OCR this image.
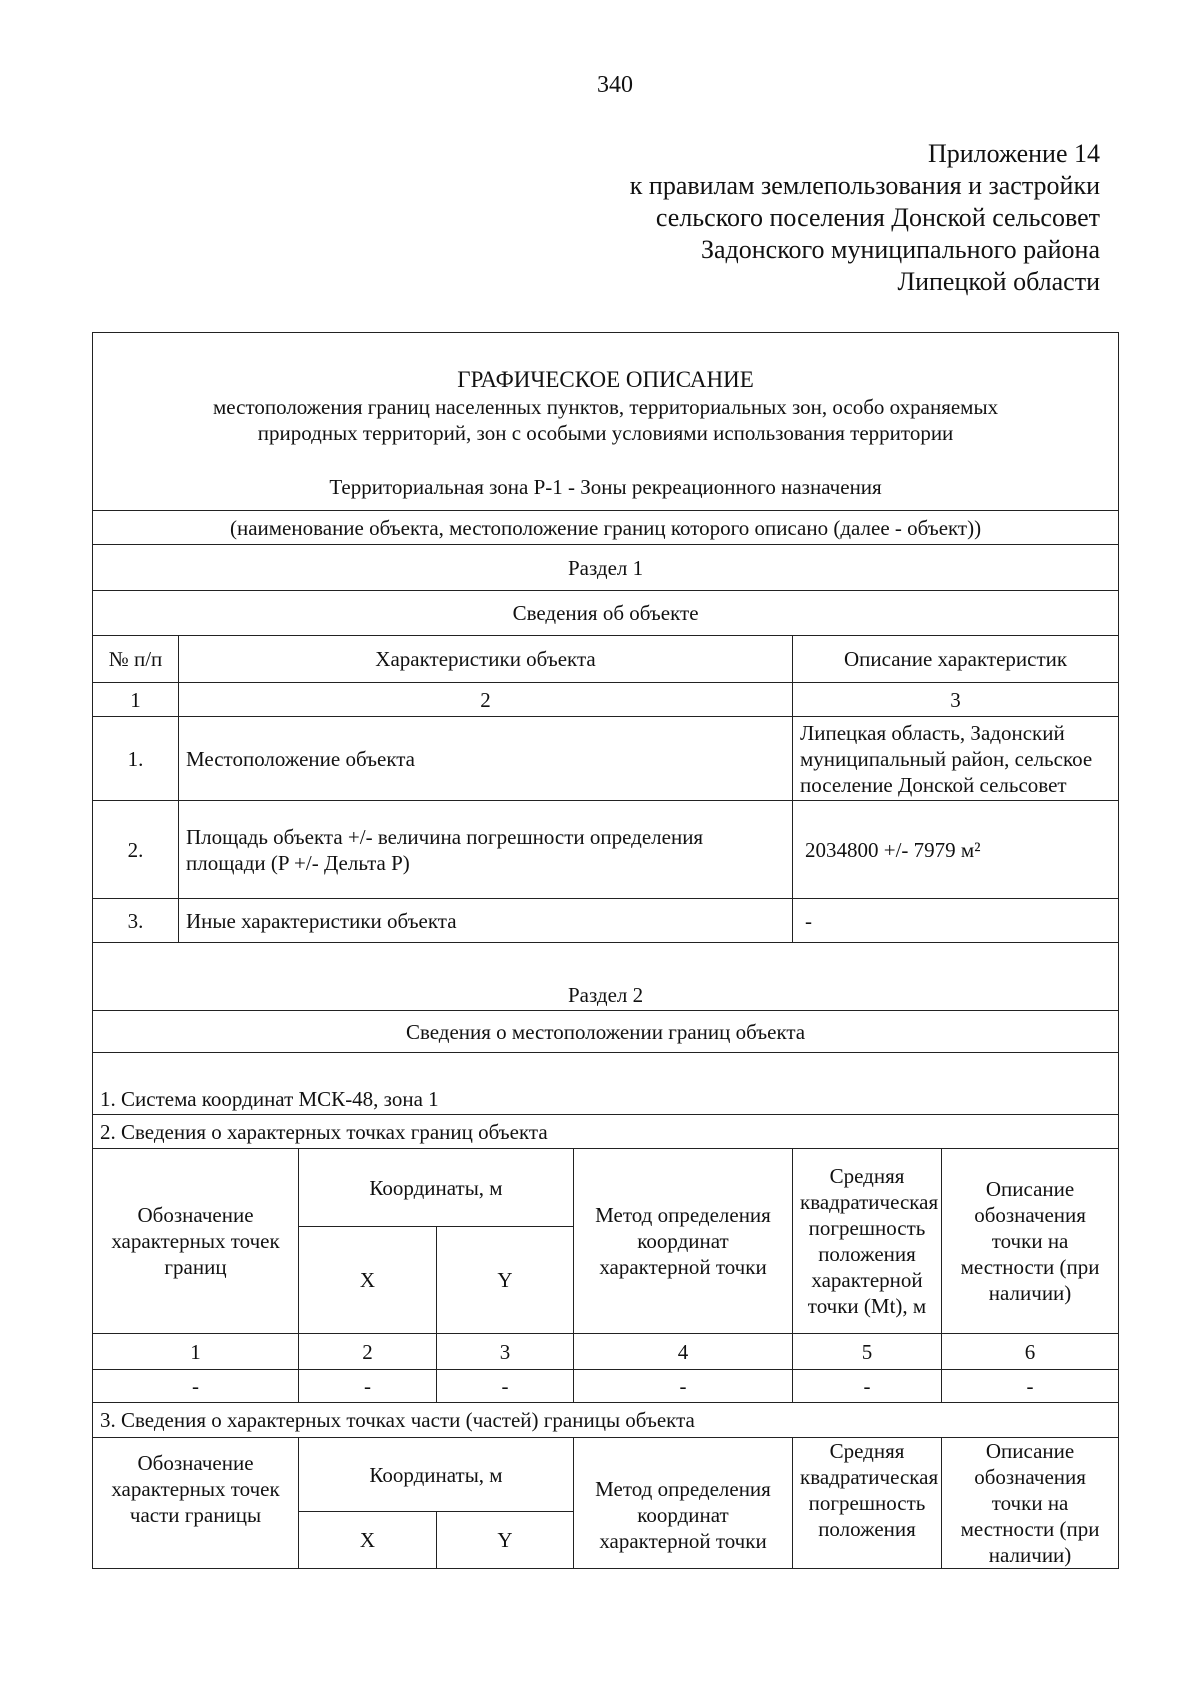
340
Приложение 14
к правилам землепользования и застройки
сельского поселения Донской сельсовет
Задонского муниципального района
Липецкой области
ГРАФИЧЕСКОЕ ОПИСАНИЕ
местоположения границ населенных пунктов, территориальных зон, особо охраняемых
природных территорий, зон с особыми условиями использования территории
Территориальная зона Р-1 - Зоны рекреационного назначения						

(наименование объекта, местоположение границ которого описано (далее - объект))						
Раздел 1						
Сведения об объекте						
№ п/п	Характеристики объекта				Описание характеристик	
1	2				3	
1.	Местоположение объекта				Липецкая область, Задонский муниципальный район, сельское поселение Донской сельсовет	
2.	Площадь объекта +/- величина погрешности определения площади (P +/- Дельта P)				2034800 +/- 7979 м²	
3.	Иные характеристики объекта				-	
Раздел 2						
Сведения о местоположении границ объекта						
1. Система координат МСК-48, зона 1						
2. Сведения о характерных точках границ объекта						
Обозначение характерных точек границ		Координаты, м		Метод определения координат характерной точки	Средняя квадратическая погрешность положения характерной точки (Mt), м	Описание обозначения точки на местности (при наличии)
		X	Y			
1		2	3	4	5	6
-		-	-	-	-	-
3. Сведения о характерных точках части (частей) границы объекта						
Обозначение характерных точек части границы		Координаты, м		Метод определения координат характерной точки	Средняя квадратическая погрешность положения	Описание обозначения точки на местности (при наличии)
		X	Y			
